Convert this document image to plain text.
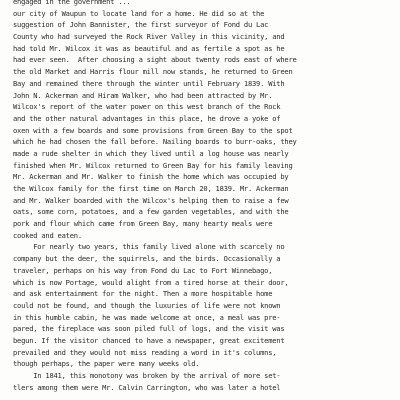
engaged in the government ...
our city of Waupun to locate land for a home. He did so at the
suggestion of John Bannister, the first surveyor of Fond du Lac
County who had surveyed the Rock River Valley in this vicinity, and
had told Mr. Wilcox it was as beautiful and as fertile a spot as he
had ever seen.  After choosing a sight about twenty rods east of where
the old Market and Harris flour mill now stands, he returned to Green
Bay and remained there through the winter until February 1839. With
John N. Ackerman and Hiram Walker, who had been attracted by Mr.
Wilcox's report of the water power on this west branch of the Rock
and the other natural advantages in this place, he drove a yoke of
oxen with a few boards and some provisions from Green Bay to the spot
which he had chosen the fall before. Nailing boards to burr-oaks, they
made a rude shelter in which they lived until a log house was nearly
finished when Mr. Wilcox returned to Green Bay for his family leaving
Mr. Ackerman and Mr. Walker to finish the home which was occupied by
the Wilcox family for the first time on March 20, 1839. Mr. Ackerman
and Mr. Walker boarded with the Wilcox's helping them to raise a few
oats, some corn, potatoes, and a few garden vegetables, and with the
pork and flour which came from Green Bay, many hearty meals were
cooked and eaten.
For nearly two years, this family lived alone with scarcely no
company but the deer, the squirrels, and the birds. Occasionally a
traveler, perhaps on his way from Fond du Lac to Fort Winnebago,
which is now Portage, would alight from a tired horse at their door,
and ask entertainment for the night. Then a more hospitable home
could not be found, and though the luxuries of life were not known
in this humble cabin, he was made welcome at once, a meal was pre-
pared, the fireplace was soon piled full of logs, and the visit was
begun. If the visitor chanced to have a newspaper, great excitement
prevailed and they would not miss reading a word in it's columns,
though perhaps, the paper were many weeks old.
In 1841, this monotony was broken by the arrival of more set-
tlers among them were Mr. Calvin Carrington, who was later a hotel
